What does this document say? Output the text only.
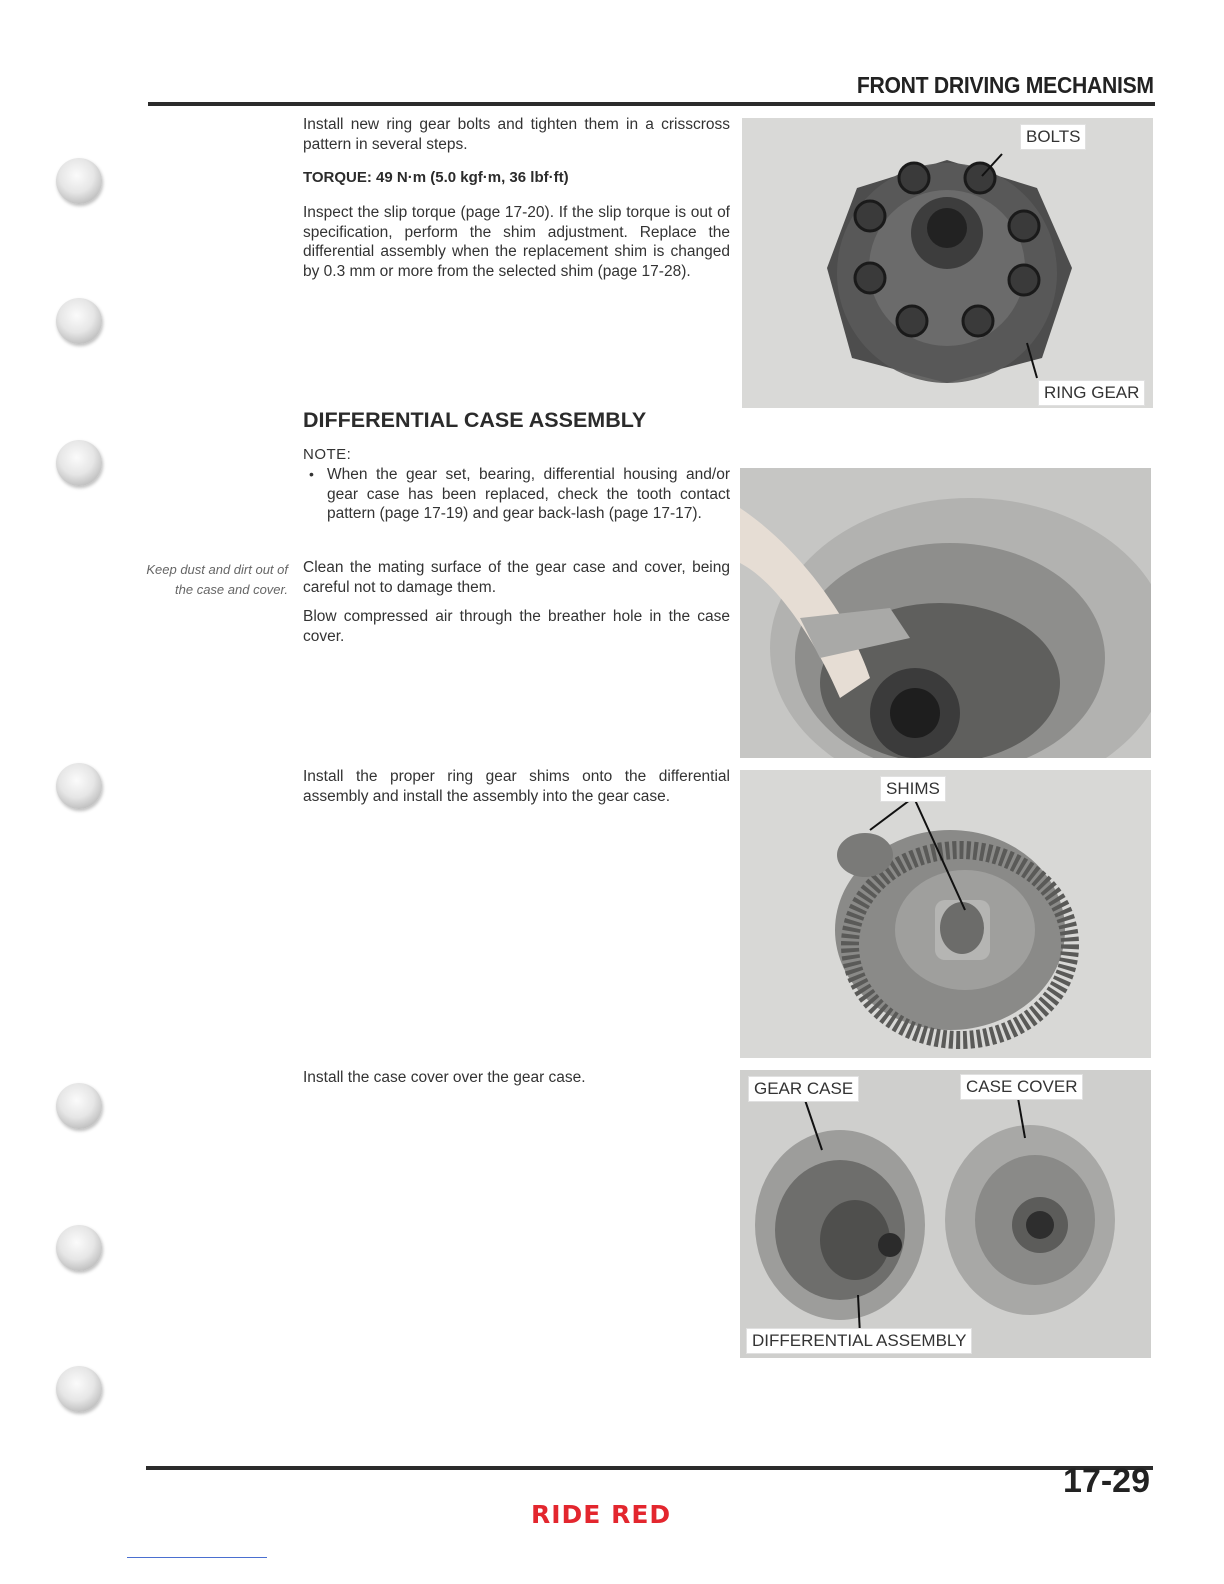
FRONT DRIVING MECHANISM
Install new ring gear bolts and tighten them in a crisscross pattern in several steps.
TORQUE: 49 N·m (5.0 kgf·m, 36 lbf·ft)
Inspect the slip torque (page 17-20). If the slip torque is out of specification, perform the shim adjustment. Replace the differential assembly when the replacement shim is changed by 0.3 mm or more from the selected shim (page 17-28).
DIFFERENTIAL CASE ASSEMBLY
NOTE:
• When the gear set, bearing, differential housing and/or gear case has been replaced, check the tooth contact pattern (page 17-19) and gear back-lash (page 17-17).
Keep dust and dirt out of the case and cover.
Clean the mating surface of the gear case and cover, being careful not to damage them.
Blow compressed air through the breather hole in the case cover.
Install the proper ring gear shims onto the differential assembly and install the assembly into the gear case.
Install the case cover over the gear case.
BOLTS
RING GEAR
SHIMS
GEAR CASE	CASE COVER
DIFFERENTIAL ASSEMBLY
17-29
RIDE RED
